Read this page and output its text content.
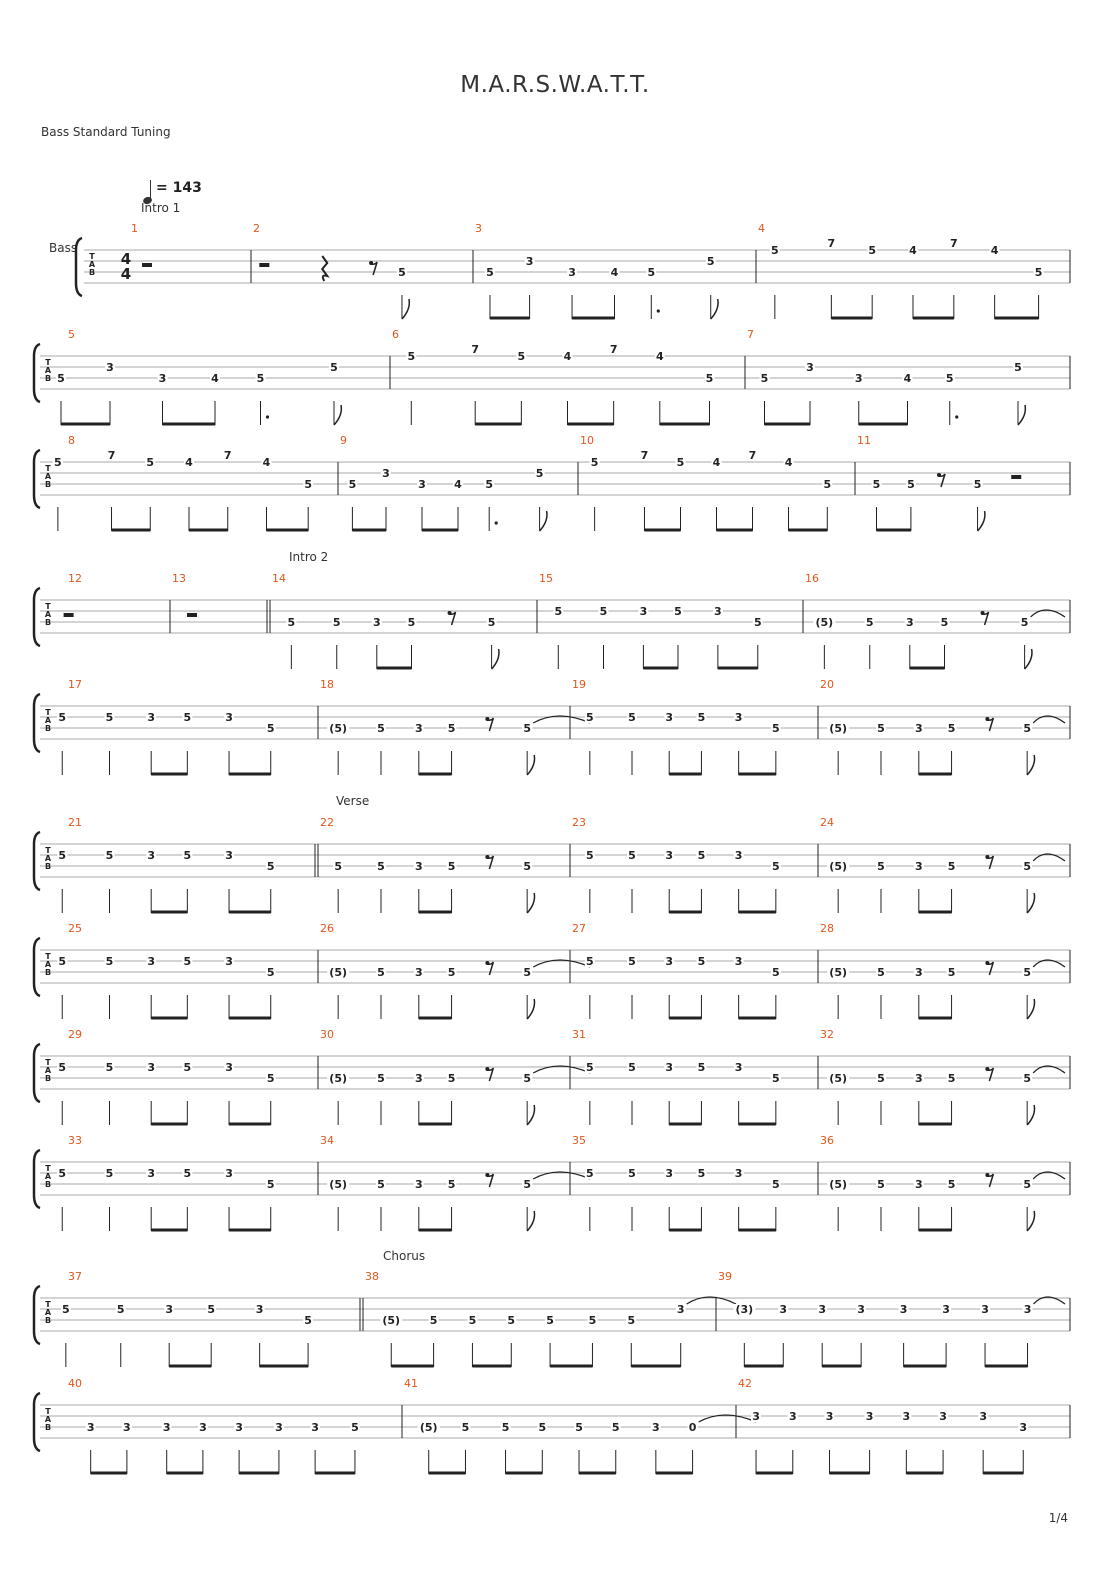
M.A.R.S.W.A.T.T.
Bass Standard Tuning
= 143
Bass
Intro 1
Intro 2
Verse
Chorus
T
A
B
4
4
1	2
5
3
5
3
3	4	5
5
4
5
7
5	4
7
4
5
T
A
B
5
5
3
3	4	5
5
6
5
7
5	4
7
4
5
7
5
3
3	4	5
5
T
A
B
8
5
7
5	4
7
4
5
9
5
3
3	4 5
5
10
5
7
5	4
7
4
5
11
5 5	5
T
A
B
12	13	14
5	5	3 5	5
15
5	5	3 5	3
5
16
(5)	5	3 5	5
T
A
B
17
5	5	3	5	3
5
18
(5)	5	3 5	5
19
5	5	3 5	3
5
20
(5)	5	3 5	5
T
A
B
21
5	5	3	5	3
5
22
5	5	3 5	5
23
5	5	3 5	3
5
24
(5)	5	3 5	5
T
A
B
25
5	5	3	5	3
5
26
(5)	5	3 5	5
27
5	5	3 5	3
5
28
(5)	5	3 5	5
T
A
B
29
5	5	3	5	3
5
30
(5)	5	3 5	5
31
5	5	3 5	3
5
32
(5)	5	3 5	5
T
A
B
33
5	5	3	5	3
5
34
(5)	5	3 5	5
35
5	5	3 5	3
5
36
(5)	5	3 5	5
T
A
B
37
5	5	3	5	3
5
38
(5)	5	5	5	5	5	5
3
39
(3) 3	3	3	3	3	3	3
T
A
B
40
3	3	3	3	3	3	3	5
41
(5) 5	5	5	5	5	3	0
42
3	3	3	3	3	3	3
3
1/4
